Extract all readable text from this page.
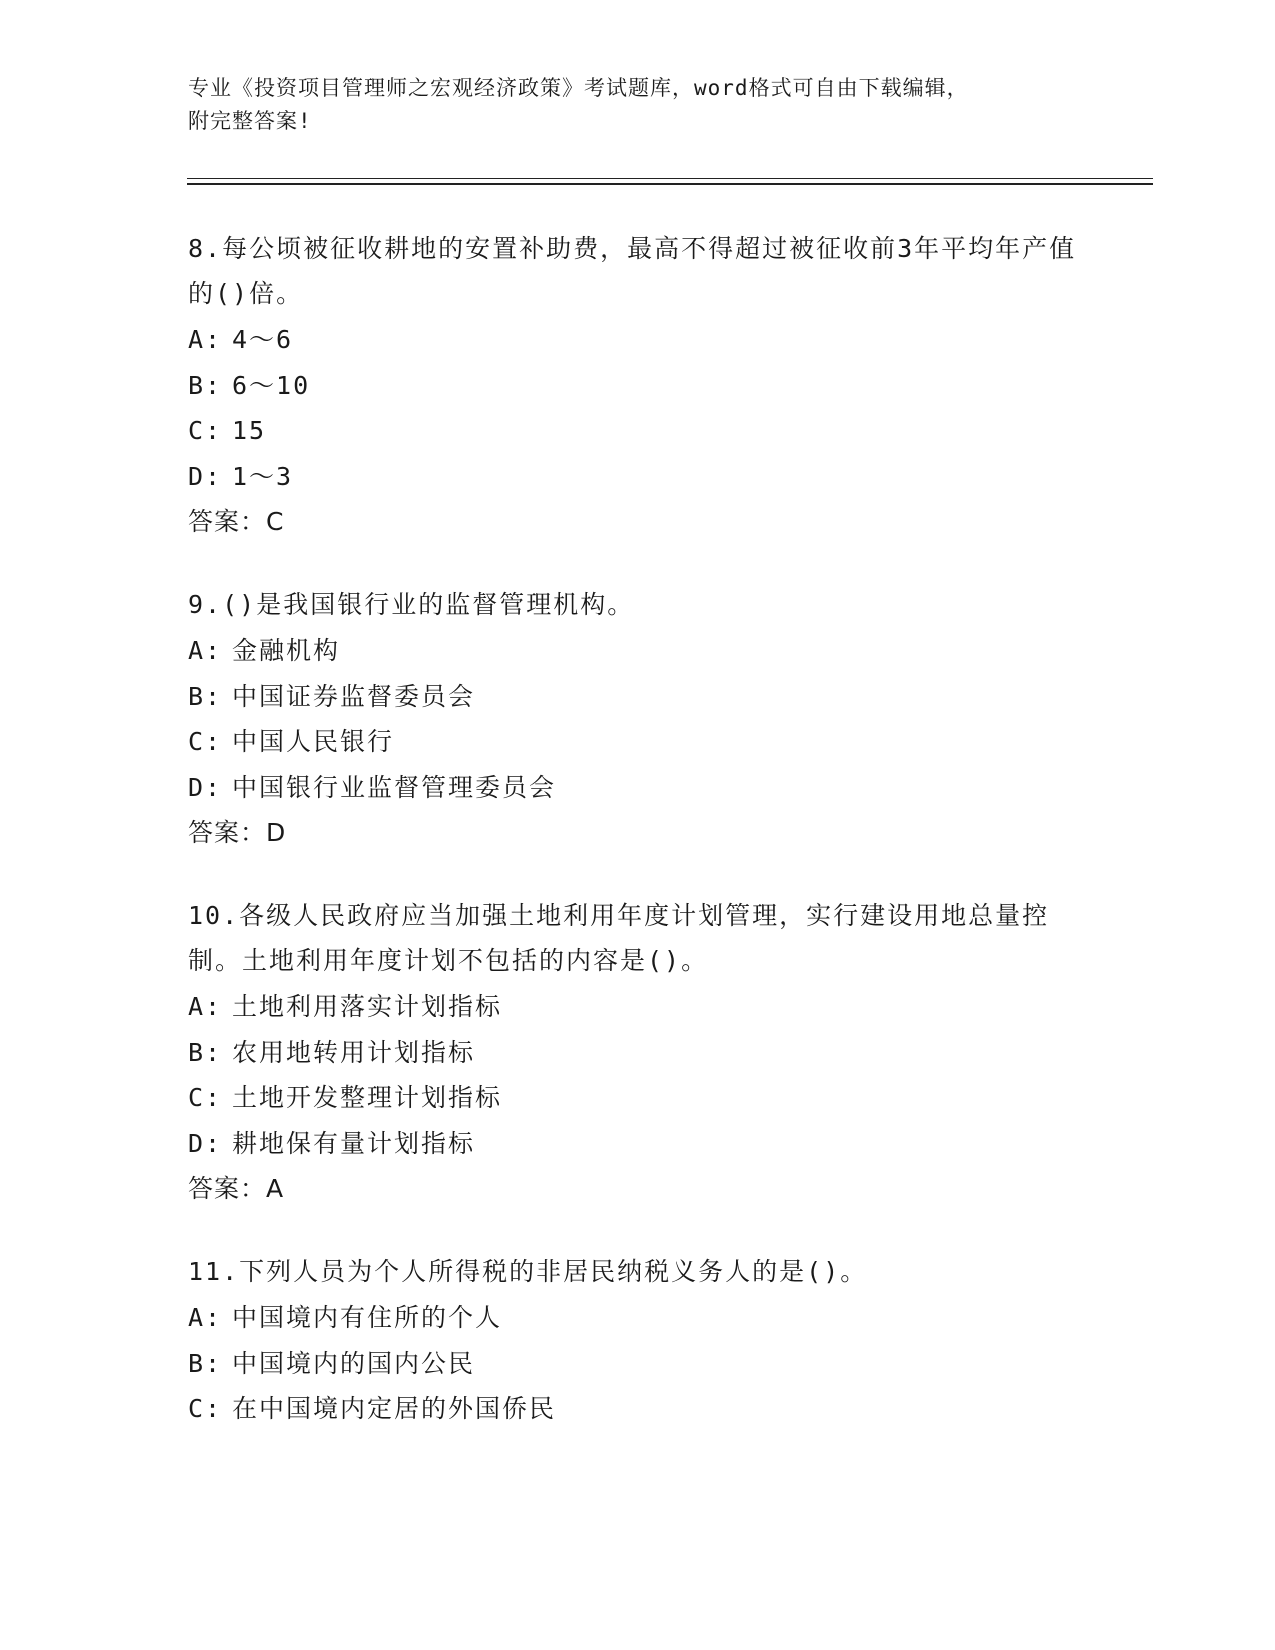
专业《投资项目管理师之宏观经济政策》考试题库，word格式可自由下载编辑，
附完整答案!
8.每公顷被征收耕地的安置补助费，最高不得超过被征收前3年平均年产值的()倍。
A: 4～6
B: 6～10
C: 15
D: 1～3
答案：C
9.()是我国银行业的监督管理机构。
A: 金融机构
B: 中国证券监督委员会
C: 中国人民银行
D: 中国银行业监督管理委员会
答案：D
10.各级人民政府应当加强土地利用年度计划管理，实行建设用地总量控制。土地利用年度计划不包括的内容是()。
A: 土地利用落实计划指标
B: 农用地转用计划指标
C: 土地开发整理计划指标
D: 耕地保有量计划指标
答案：A
11.下列人员为个人所得税的非居民纳税义务人的是()。
A: 中国境内有住所的个人
B: 中国境内的国内公民
C: 在中国境内定居的外国侨民
